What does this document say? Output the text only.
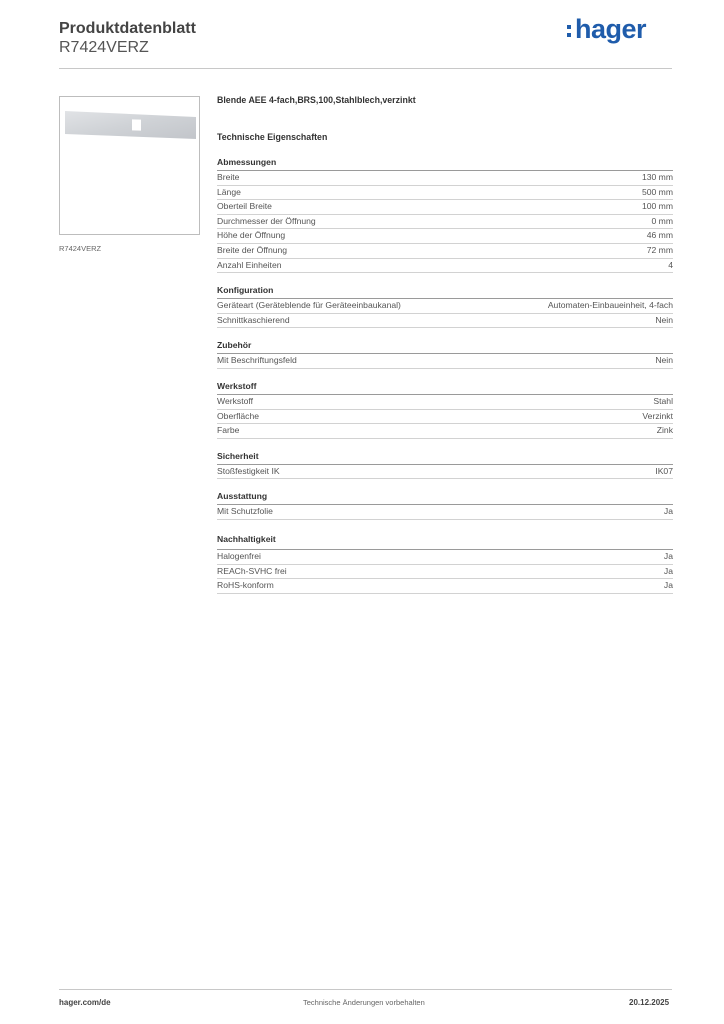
Produktdatenblatt
R7424VERZ
hager
R7424VERZ
Blende AEE 4-fach,BRS,100,Stahlblech,verzinkt
Technische Eigenschaften
Abmessungen
Breite	130 mm
Länge	500 mm
Oberteil Breite	100 mm
Durchmesser der Öffnung	0 mm
Höhe der Öffnung	46 mm
Breite der Öffnung	72 mm
Anzahl Einheiten	4
Konfiguration
Geräteart (Geräteblende für Geräteeinbaukanal)	Automaten-Einbaueinheit, 4-fach
Schnittkaschierend	Nein
Zubehör
Mit Beschriftungsfeld	Nein
Werkstoff
Werkstoff	Stahl
Oberfläche	Verzinkt
Farbe	Zink
Sicherheit
Stoßfestigkeit IK	IK07
Ausstattung
Mit Schutzfolie	Ja
Nachhaltigkeit
Halogenfrei	Ja
REACh-SVHC frei	Ja
RoHS-konform	Ja
hager.com/de	Technische Änderungen vorbehalten	20.12.2025
